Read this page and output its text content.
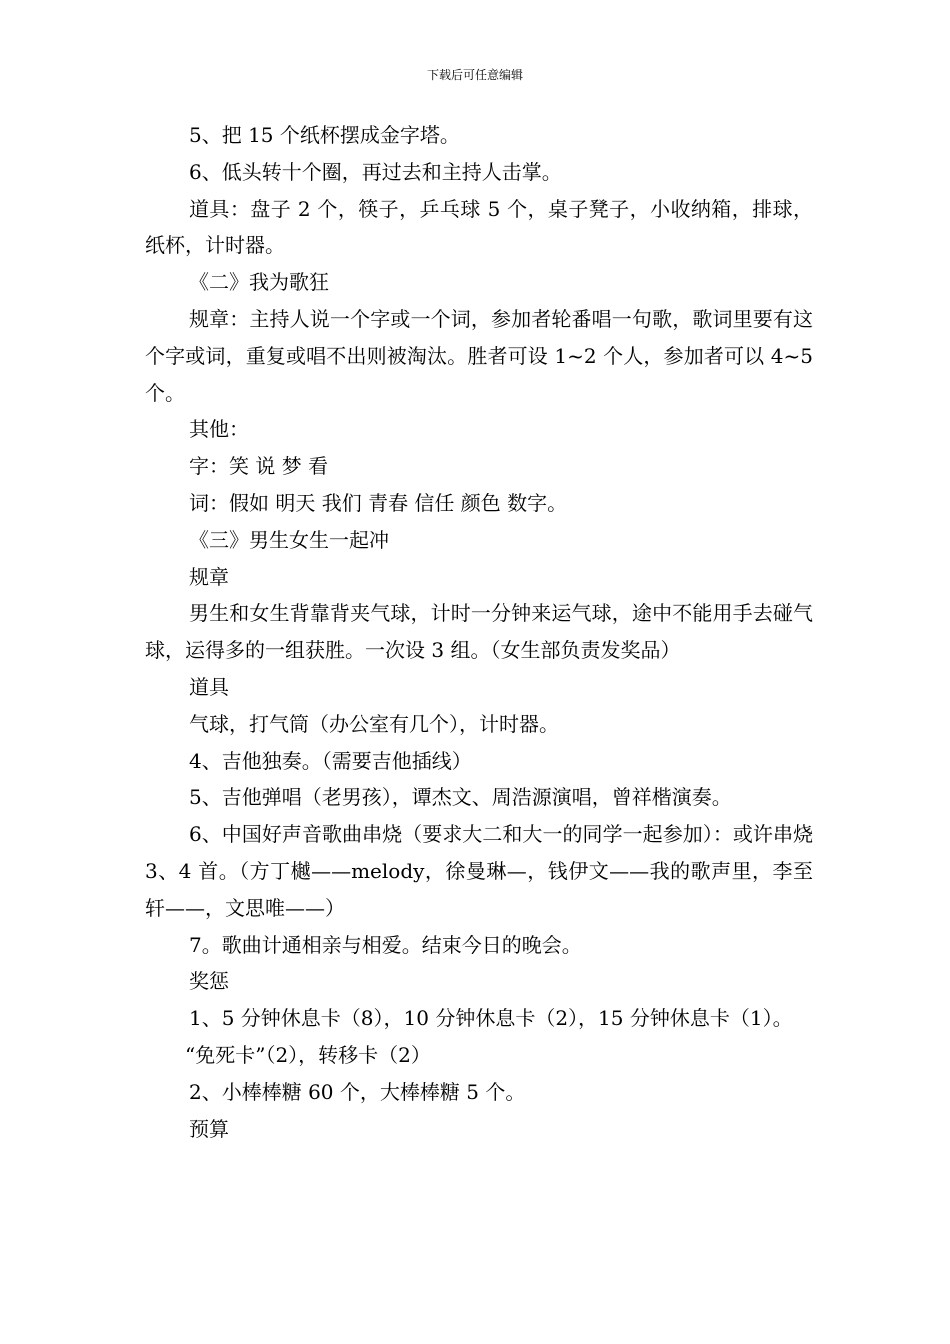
下载后可任意编辑

5、把 15 个纸杯摆成金字塔。

6、低头转十个圈，再过去和主持人击掌。

道具：盘子 2 个，筷子，乒乓球 5 个，桌子凳子，小收纳箱，排球，纸杯，计时器。

《二》我为歌狂

规章：主持人说一个字或一个词，参加者轮番唱一句歌，歌词里要有这个字或词，重复或唱不出则被淘汰。胜者可设 1~2 个人，参加者可以 4~5 个。

其他：

字：笑 说 梦 看

词：假如 明天 我们 青春 信任 颜色 数字。

《三》男生女生一起冲

规章

男生和女生背靠背夹气球，计时一分钟来运气球，途中不能用手去碰气球，运得多的一组获胜。一次设 3 组。（女生部负责发奖品）

道具

气球，打气筒（办公室有几个），计时器。

4、吉他独奏。（需要吉他插线）

5、吉他弹唱（老男孩），谭杰文、周浩源演唱，曾祥楷演奏。

6、中国好声音歌曲串烧（要求大二和大一的同学一起参加）：或许串烧 3、4 首。（方丁樾——melody，徐曼琳—，钱伊文——我的歌声里，李至轩——，文思唯——）

7。歌曲计通相亲与相爱。结束今日的晚会。

奖惩

1、5 分钟休息卡（8），10 分钟休息卡（2），15 分钟休息卡（1）。

“免死卡”（2），转移卡（2）

2、小棒棒糖 60 个，大棒棒糖 5 个。

预算
